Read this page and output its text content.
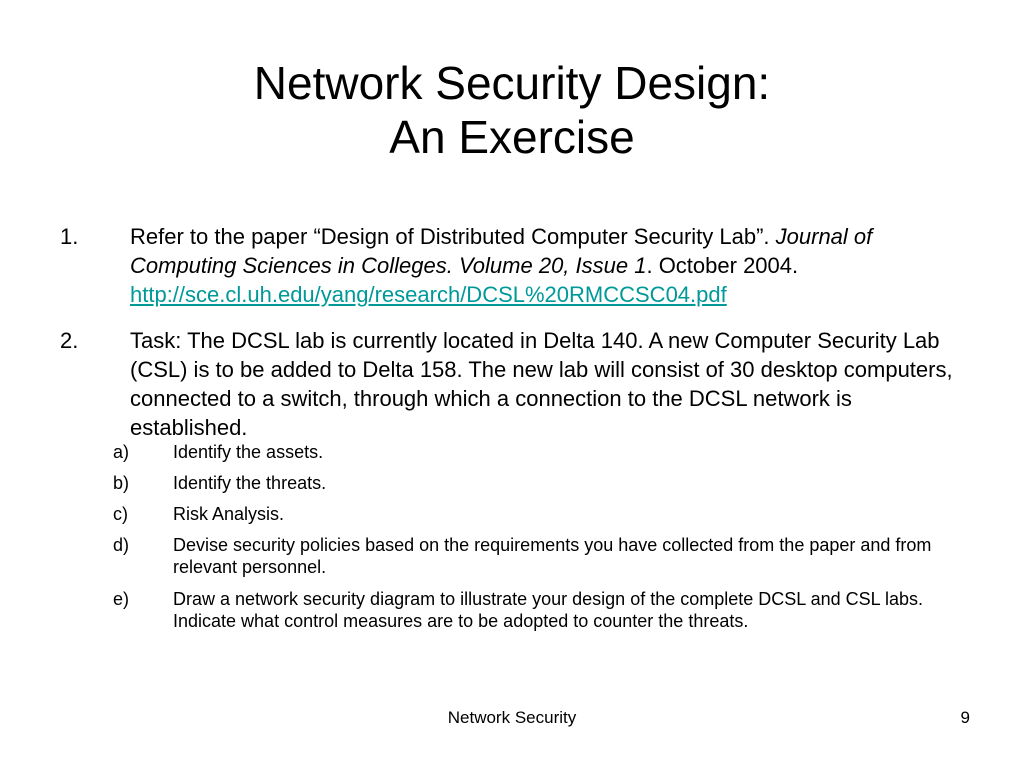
Network Security Design:
An Exercise
1. Refer to the paper “Design of Distributed Computer Security Lab”. Journal of Computing Sciences in Colleges. Volume 20, Issue 1. October 2004. http://sce.cl.uh.edu/yang/research/DCSL%20RMCCSC04.pdf
2. Task: The DCSL lab is currently located in Delta 140. A new Computer Security Lab (CSL) is to be added to Delta 158. The new lab will consist of 30 desktop computers, connected to a switch, through which a connection to the DCSL network is established.
a) Identify the assets.
b) Identify the threats.
c)	Risk Analysis.
d) Devise security policies based on the requirements you have collected from the paper and from relevant personnel.
e) Draw a network security diagram to illustrate your design of the complete DCSL and CSL labs. Indicate what control measures are to be adopted to counter the threats.
Network Security	9
